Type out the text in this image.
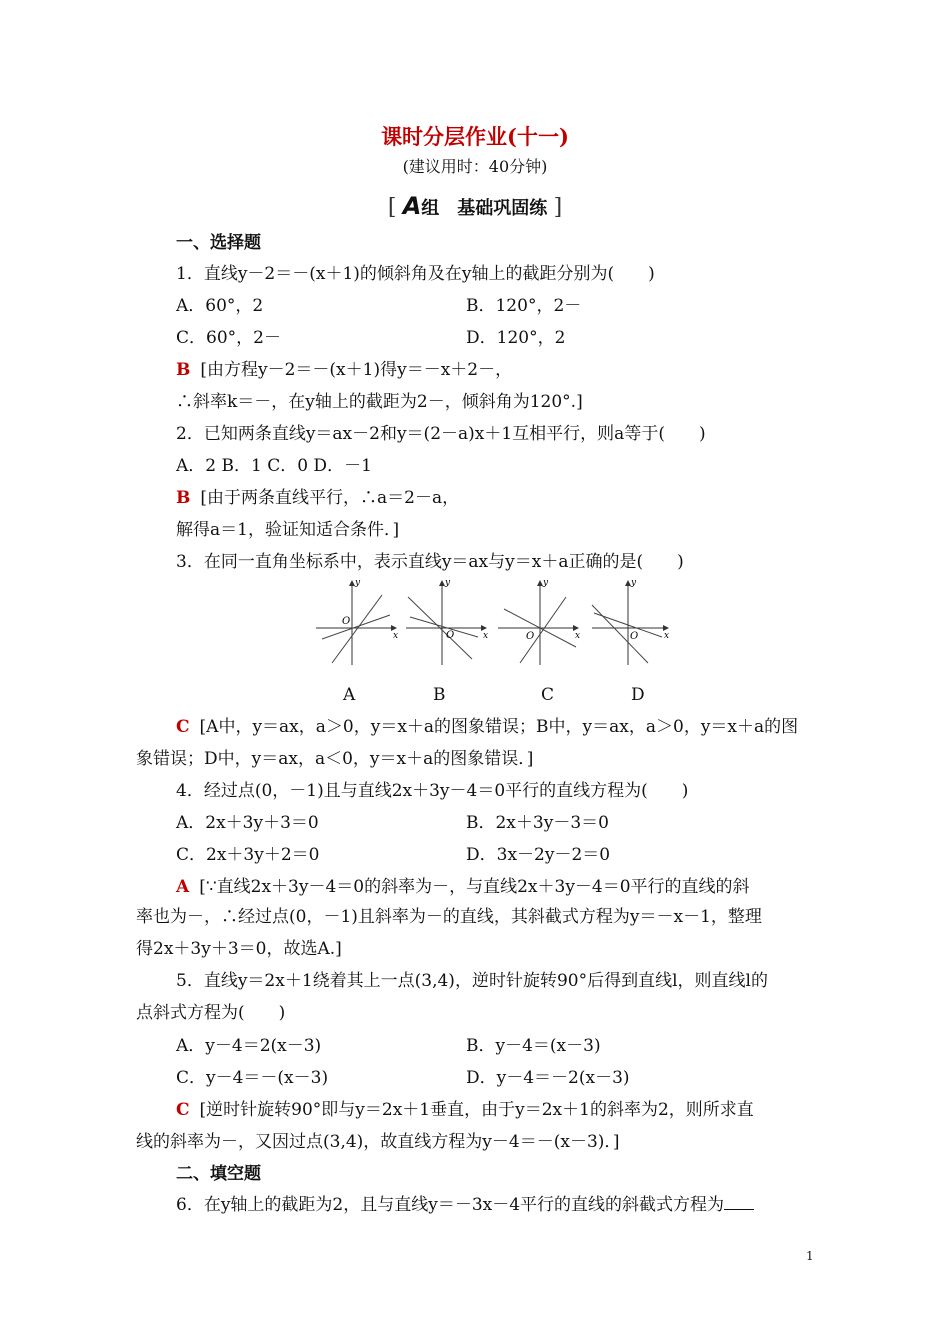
课时分层作业(十一)
(建议用时：40分钟)
[ A组　基础巩固练 ]
一、选择题
1．直线y－2＝－(x＋1)的倾斜角及在y轴上的截距分别为(　　)
A．60°，2	B．120°，2－
C．60°，2－	D．120°，2
B [由方程y－2＝－(x＋1)得y＝－x＋2－，
∴斜率k＝－，在y轴上的截距为2－，倾斜角为120°.]
2．已知两条直线y＝ax－2和y＝(2－a)x＋1互相平行，则a等于(　　)
A．2 B．1 C．0 D．－1
B [由于两条直线平行，∴a＝2－a，
解得a＝1，验证知适合条件．]
3．在同一直角坐标系中，表示直线y＝ax与y＝x＋a正确的是(　　)
x
y
O
x
y
O	x
y
O	x
y
O
A	B	C	D
C [A中，y＝ax，a＞0，y＝x＋a的图象错误；B中，y＝ax，a＞0，y＝x＋a的图
象错误；D中，y＝ax，a＜0，y＝x＋a的图象错误．]
4．经过点(0，－1)且与直线2x＋3y－4＝0平行的直线方程为(　　)
A．2x＋3y＋3＝0	B．2x＋3y－3＝0
C．2x＋3y＋2＝0	D．3x－2y－2＝0
A [∵直线2x＋3y－4＝0的斜率为－，与直线2x＋3y－4＝0平行的直线的斜
率也为－，∴经过点(0，－1)且斜率为－的直线，其斜截式方程为y＝－x－1，整理
得2x＋3y＋3＝0，故选A.]
5．直线y＝2x＋1绕着其上一点(3,4)，逆时针旋转90°后得到直线l，则直线l的
点斜式方程为(　　)
A．y－4＝2(x－3)	B．y－4＝(x－3)
C．y－4＝－(x－3)	D．y－4＝－2(x－3)
C [逆时针旋转90°即与y＝2x＋1垂直，由于y＝2x＋1的斜率为2，则所求直
线的斜率为－，又因过点(3,4)，故直线方程为y－4＝－(x－3)．]
二、填空题
6．在y轴上的截距为2，且与直线y＝－3x－4平行的直线的斜截式方程为
1
